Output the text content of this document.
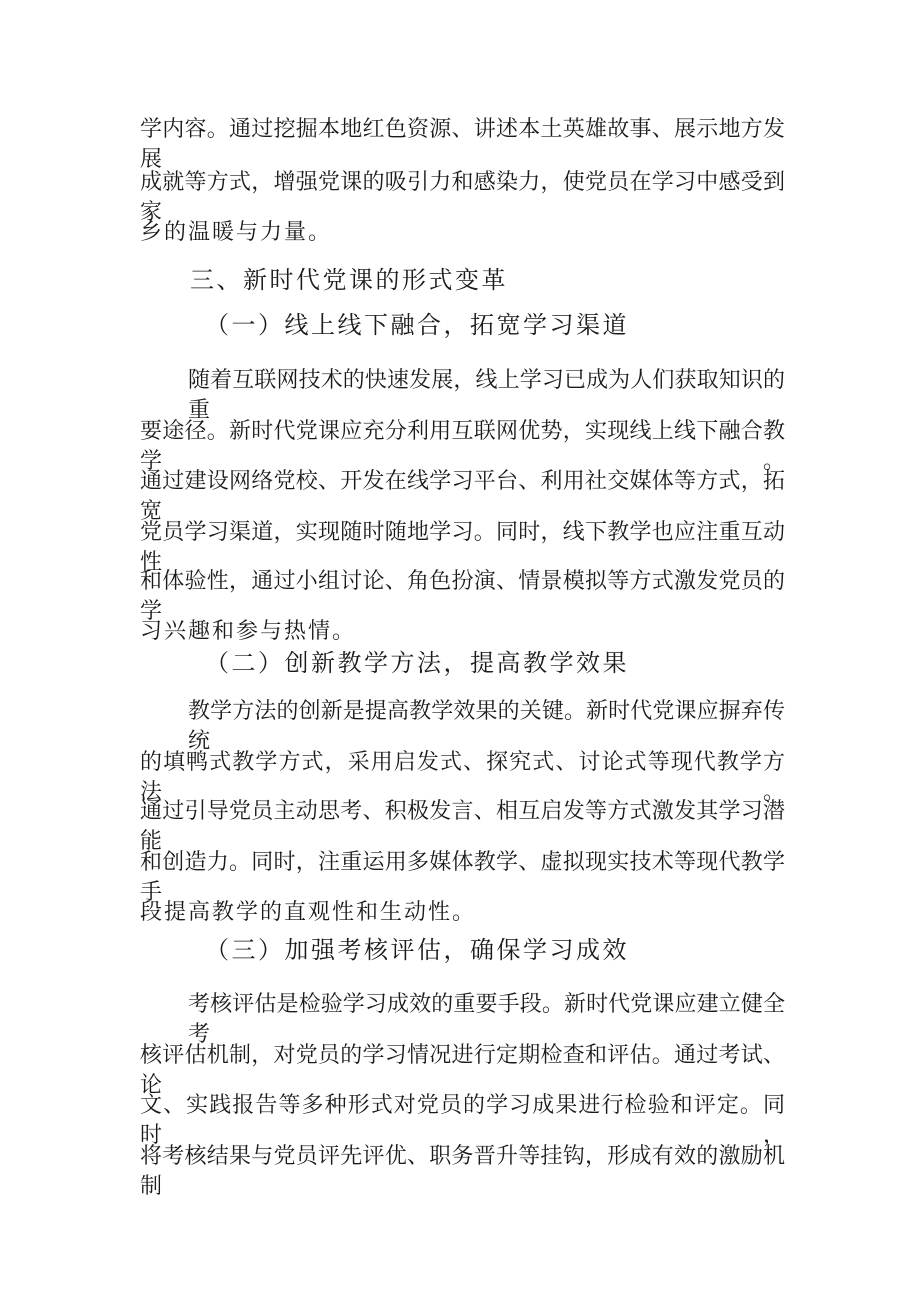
学内容。通过挖掘本地红色资源、讲述本土英雄故事、展示地方发展
成就等方式，增强党课的吸引力和感染力，使党员在学习中感受到家
乡的温暖与力量。
三、新时代党课的形式变革
（一）线上线下融合，拓宽学习渠道
随着互联网技术的快速发展，线上学习已成为人们获取知识的重
要途径。新时代党课应充分利用互联网优势，实现线上线下融合教学。
通过建设网络党校、开发在线学习平台、利用社交媒体等方式，拓宽
党员学习渠道，实现随时随地学习。同时，线下教学也应注重互动性
和体验性，通过小组讨论、角色扮演、情景模拟等方式激发党员的学
习兴趣和参与热情。
（二）创新教学方法，提高教学效果
教学方法的创新是提高教学效果的关键。新时代党课应摒弃传统
的填鸭式教学方式，采用启发式、探究式、讨论式等现代教学方法。
通过引导党员主动思考、积极发言、相互启发等方式激发其学习潜能
和创造力。同时，注重运用多媒体教学、虚拟现实技术等现代教学手
段提高教学的直观性和生动性。
（三）加强考核评估，确保学习成效
考核评估是检验学习成效的重要手段。新时代党课应建立健全考
核评估机制，对党员的学习情况进行定期检查和评估。通过考试、论
文、实践报告等多种形式对党员的学习成果进行检验和评定。同时，
将考核结果与党员评先评优、职务晋升等挂钩，形成有效的激励机制
